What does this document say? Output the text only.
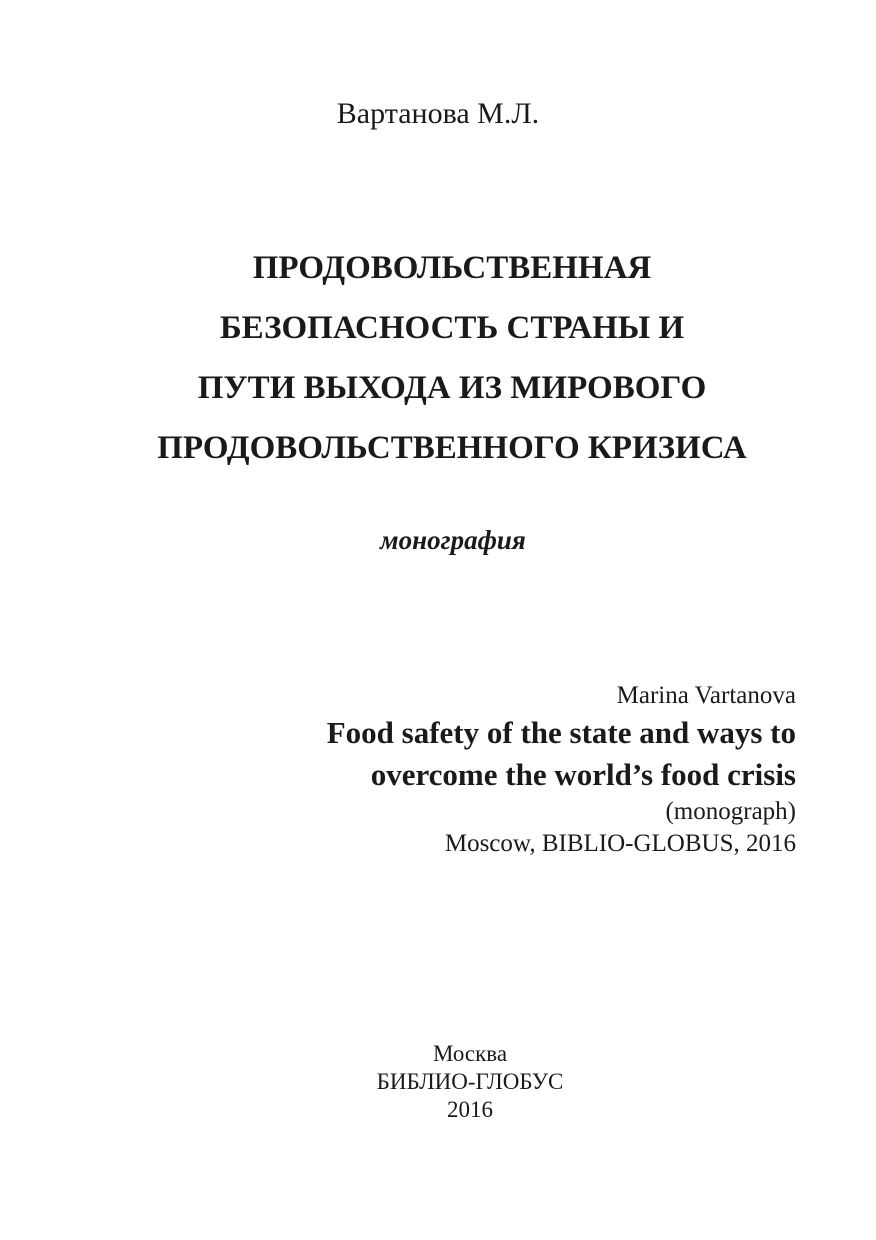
Вартанова М.Л.
ПРОДОВОЛЬСТВЕННАЯ
БЕЗОПАСНОСТЬ СТРАНЫ И
ПУТИ ВЫХОДА ИЗ МИРОВОГО
ПРОДОВОЛЬСТВЕННОГО КРИЗИСА
монография
Marina Vartanova
Food safety of the state and ways to
overcome the world’s food crisis
(monograph)
Moscow, BIBLIO-GLOBUS, 2016
Москва
БИБЛИО-ГЛОБУС
2016
